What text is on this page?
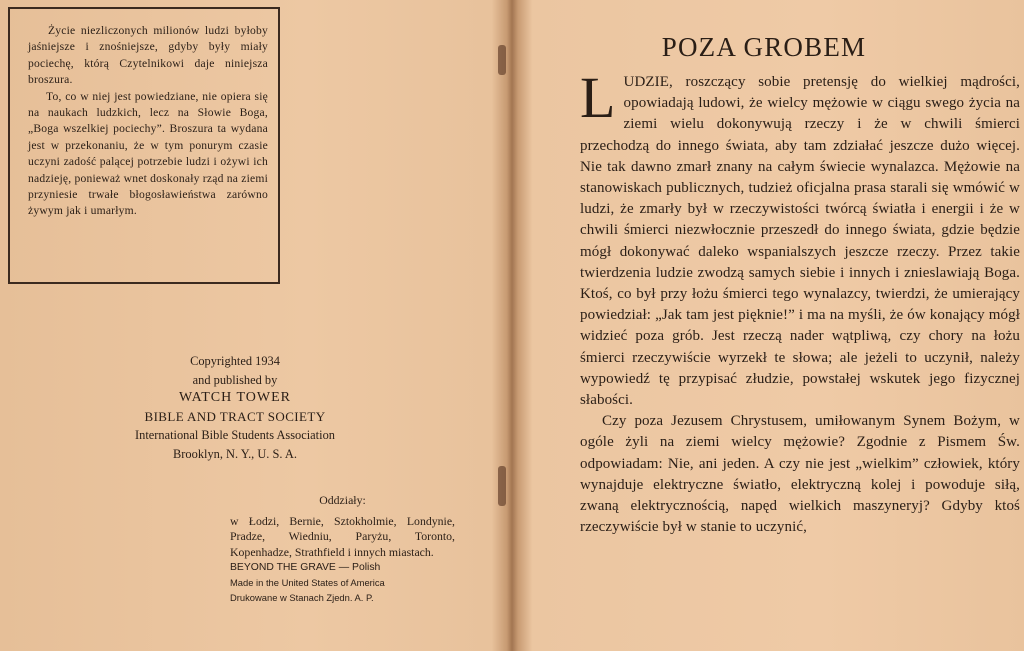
Życie niezliczonych milionów ludzi byłoby jaśniejsze i znośniejsze, gdyby były miały pociechę, którą Czytelnikowi daje niniejsza broszura.

To, co w niej jest powiedziane, nie opiera się na naukach ludzkich, lecz na Słowie Boga, „Boga wszelkiej pociechy”. Broszura ta wydana jest w przekonaniu, że w tym ponurym czasie uczyni zadość palącej potrzebie ludzi i ożywi ich nadzieję, ponieważ wnet doskonały rząd na ziemi przyniesie trwałe błogosławieństwa zarówno żywym jak i umarłym.

Copyrighted 1934
and published by
WATCH TOWER
BIBLE AND TRACT SOCIETY
International Bible Students Association
Brooklyn, N. Y., U. S. A.
Oddziały:
w Łodzi, Bernie, Sztokholmie, Londynie, Pradze, Wiedniu, Paryżu, Toronto, Kopenhadze, Strathfield i innych miastach.
BEYOND THE GRAVE — Polish
Made in the United States of America
Drukowane w Stanach Zjedn. A. P.
POZA GROBEM

LUDZIE, roszczący sobie pretensję do wielkiej mądrości, opowiadają ludowi, że wielcy mężowie w ciągu swego życia na ziemi wielu dokonywują rzeczy i że w chwili śmierci przechodzą do innego świata, aby tam zdziałać jeszcze dużo więcej. Nie tak dawno zmarł znany na całym świecie wynalazca. Mężowie na stanowiskach publicznych, tudzież oficjalna prasa starali się wmówić w ludzi, że zmarły był w rzeczywistości twórcą światła i energii i że w chwili śmierci niezwłocznie przeszedł do innego świata, gdzie będzie mógł dokonywać daleko wspanialszych jeszcze rzeczy. Przez takie twierdzenia ludzie zwodzą samych siebie i innych i znieslawiają Boga. Ktoś, co był przy łożu śmierci tego wynalazcy, twierdzi, że umierający powiedział: „Jak tam jest pięknie!” i ma na myśli, że ów konający mógł widzieć poza grób. Jest rzeczą nader wątpliwą, czy chory na łożu śmierci rzeczywiście wyrzekł te słowa; ale jeżeli to uczynił, należy wypowiedź tę przypisać złudzie, powstałej wskutek jego fizycznej słabości.

Czy poza Jezusem Chrystusem, umiłowanym Synem Bożym, w ogóle żyli na ziemi wielcy mężowie? Zgodnie z Pismem Św. odpowiadam: Nie, ani jeden. A czy nie jest „wielkim” człowiek, który wynajduje elektryczne światło, elektryczną kolej i powoduje siłą, zwaną elektrycznością, napęd wielkich maszyneryj? Gdyby ktoś rzeczywiście był w stanie to uczynić,
